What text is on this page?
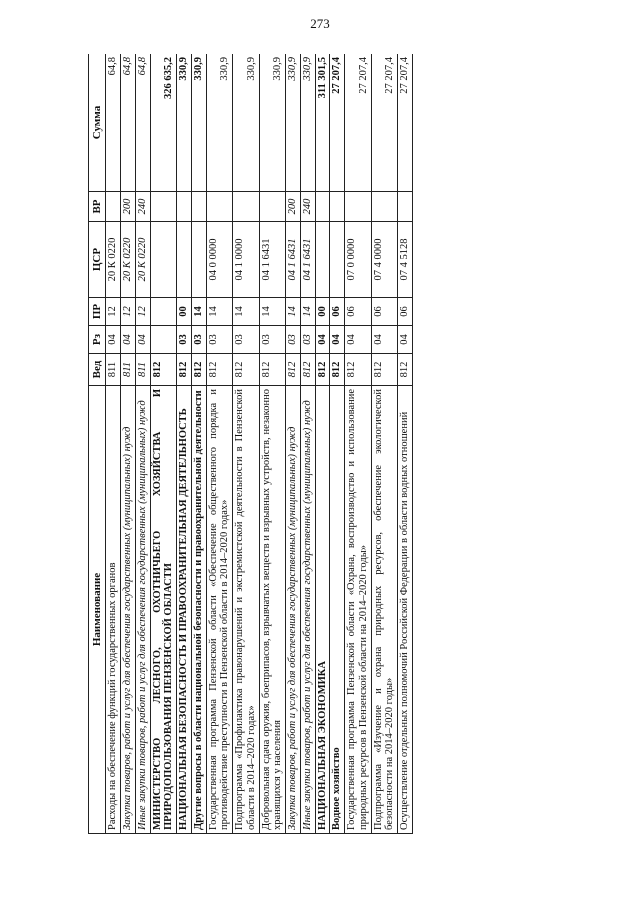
273
Наименование	Вед	Рз	ПР	ЦСР	ВР	Сумма
Расходы на обеспечение функций государственных органов	811	04	12	20 К 0220		64,8
Закупка товаров, работ и услуг для обеспечения государственных (муниципальных) нужд	811	04	12	20 К 0220	200	64,8
Иные закупки товаров, работ и услуг для обеспечения государственных (муниципальных) нужд	811	04	12	20 К 0220	240	64,8
МИНИСТЕРСТВО ЛЕСНОГО, ОХОТНИЧЬЕГО ХОЗЯЙСТВА И ПРИРОДОПОЛЬЗОВАНИЯ ПЕНЗЕНСКОЙ ОБЛАСТИ	812					326 635,2
НАЦИОНАЛЬНАЯ БЕЗОПАСНОСТЬ И ПРАВООХРАНИТЕЛЬНАЯ ДЕЯТЕЛЬНОСТЬ	812	03	00			330,9
Другие вопросы в области национальной безопасности и правоохранительной деятельности	812	03	14			330,9
Государственная программа Пензенской области «Обеспечение общественного порядка и противодействие преступности в Пензенской области в 2014–2020 годах»	812	03	14	04 0 0000		330,9
Подпрограмма «Профилактика правонарушений и экстремистской деятельности в Пензенской области в 2014–2020 годах»	812	03	14	04 1 0000		330,9
Добровольная сдача оружия, боеприпасов, взрывчатых веществ и взрывных устройств, незаконно хранящихся у населения	812	03	14	04 1 6431		330,9
Закупка товаров, работ и услуг для обеспечения государственных (муниципальных) нужд	812	03	14	04 1 6431	200	330,9
Иные закупки товаров, работ и услуг для обеспечения государственных (муниципальных) нужд	812	03	14	04 1 6431	240	330,9
НАЦИОНАЛЬНАЯ ЭКОНОМИКА	812	04	00			311 301,5
Водное хозяйство	812	04	06			27 207,4
Государственная программа Пензенской области «Охрана, воспроизводство и использование природных ресурсов в Пензенской области на 2014–2020 годы»	812	04	06	07 0 0000		27 207,4
Подпрограмма «Изучение и охрана природных ресурсов, обеспечение экологической безопасности на 2014–2020 годы»	812	04	06	07 4 0000		27 207,4
Осуществление отдельных полномочий Российской Федерации в области водных отношений	812	04	06	07 4 5128		27 207,4
